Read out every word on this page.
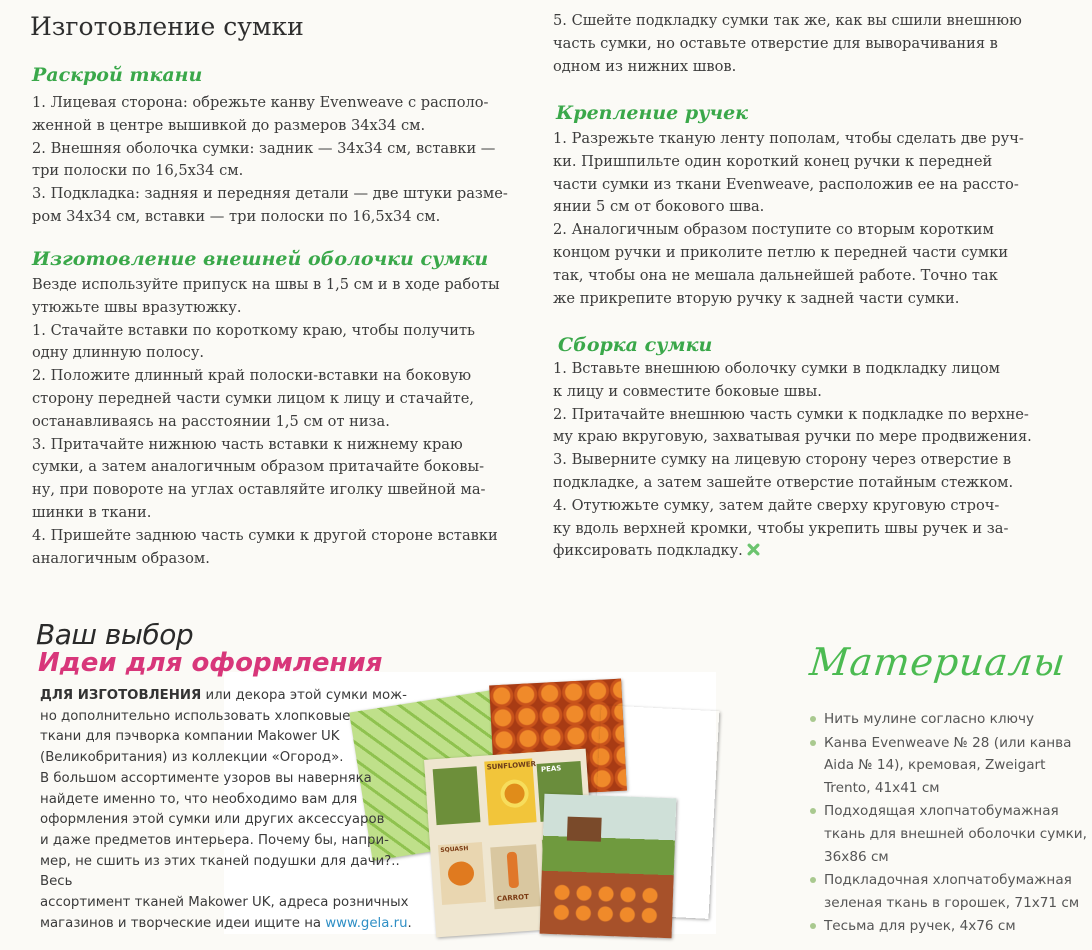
Изготовление сумки
Раскрой ткани

1. Лицевая сторона: обрежьте канву Evenweave с располо-

женной в центре вышивкой до размеров 34х34 см.

2. Внешняя оболочка сумки: задник — 34х34 см, вставки —

три полоски по 16,5х34 см.

3. Подкладка: задняя и передняя детали — две штуки разме-

ром 34х34 см, вставки — три полоски по 16,5х34 см.

Изготовление внешней оболочки сумки

Везде используйте припуск на швы в 1,5 см и в ходе работы

утюжьте швы вразутюжку.

1. Стачайте вставки по короткому краю, чтобы получить

одну длинную полосу.

2. Положите длинный край полоски-вставки на боковую

сторону передней части сумки лицом к лицу и стачайте,

останавливаясь на расстоянии 1,5 см от низа.

3. Притачайте нижнюю часть вставки к нижнему краю

сумки, а затем аналогичным образом притачайте боковы-

ну, при повороте на углах оставляйте иголку швейной ма-

шинки в ткани.

4. Пришейте заднюю часть сумки к другой стороне вставки

аналогичным образом.

5. Сшейте подкладку сумки так же, как вы сшили внешнюю

часть сумки, но оставьте отверстие для выворачивания в

одном из нижних швов.

Крепление ручек

1. Разрежьте тканую ленту пополам, чтобы сделать две руч-

ки. Пришпильте один короткий конец ручки к передней

части сумки из ткани Evenweave, расположив ее на рассто-

янии 5 см от бокового шва.

2. Аналогичным образом поступите со вторым коротким

концом ручки и приколите петлю к передней части сумки

так, чтобы она не мешала дальнейшей работе. Точно так

же прикрепите вторую ручку к задней части сумки.

Сборка сумки

1. Вставьте внешнюю оболочку сумки в подкладку лицом

к лицу и совместите боковые швы.

2. Притачайте внешнюю часть сумки к подкладке по верхне-

му краю вкруговую, захватывая ручки по мере продвижения.

3. Выверните сумку на лицевую сторону через отверстие в

подкладке, а затем зашейте отверстие потайным стежком.

4. Отутюжьте сумку, затем дайте сверху круговую строч-

ку вдоль верхней кромки, чтобы укрепить швы ручек и за-

фиксировать подкладку.

Ваш выбор
Идеи для оформления
SUNFLOWER PEAS
SQUASH
CARROT
ДЛЯ ИЗГОТОВЛЕНИЯ или декора этой сумки мож-
но дополнительно использовать хлопковые
ткани для пэчворка компании Makower UK
(Великобритания) из коллекции «Огород».
В большом ассортименте узоров вы наверняка
найдете именно то, что необходимо вам для
оформления этой сумки или других аксессуаров
и даже предметов интерьера. Почему бы, напри-
мер, не сшить из этих тканей подушки для дачи?.. Весь
ассортимент тканей Makower UK, адреса розничных
магазинов и творческие идеи ищите на www.gela.ru.
Материалы
Нить мулине согласно ключу
Канва Evenweave № 28 (или канва Aida № 14), кремовая, Zweigart Trento, 41х41 см
Подходящая хлопчатобумажная ткань для внешней оболочки сумки, 36х86 см
Подкладочная хлопчатобумажная зеленая ткань в горошек, 71х71 см
Тесьма для ручек, 4х76 см
